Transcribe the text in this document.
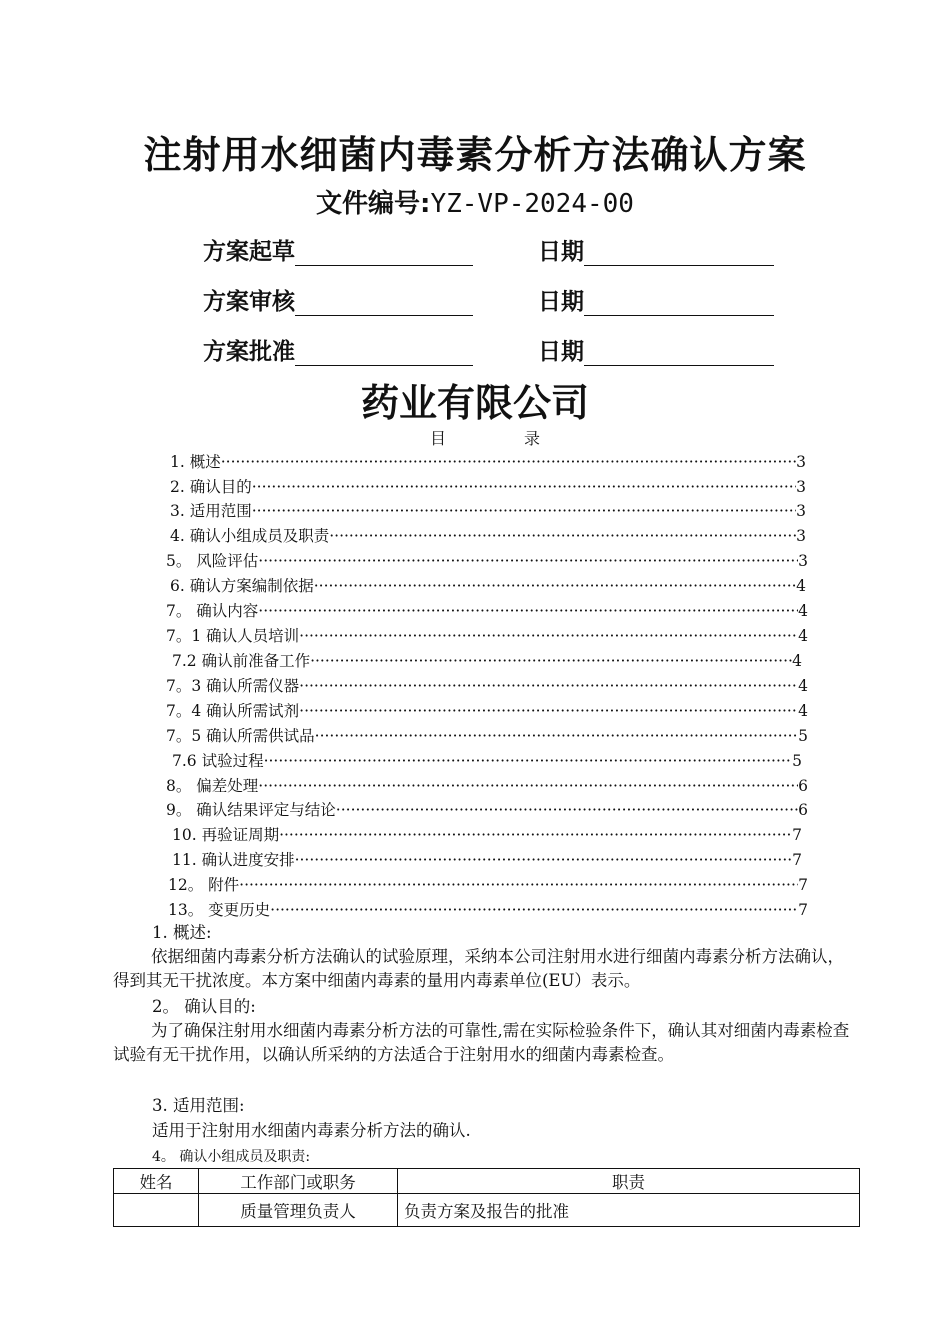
注射用水细菌内毒素分析方法确认方案
文件编号:YZ-VP-2024-00
方案起草	日期
方案审核	日期
方案批准	日期
药业有限公司
目	录
1. 概述 ·····	3
2. 确认目的 ·····	3
3. 适用范围 ·····	3
4. 确认小组成员及职责 ·····	3
5。 风险评估 ·····	3
6. 确认方案编制依据 ·····	4
7。 确认内容 ·····	4
7。1 确认人员培训 ·····	4
7.2 确认前准备工作 ·····	4
7。3 确认所需仪器 ·····	4
7。4 确认所需试剂 ·····	4
7。5 确认所需供试品 ·····	5
7.6 试验过程 ·····	5
8。 偏差处理 ·····	6
9。 确认结果评定与结论 ·····	6
10. 再验证周期 ·····	7
11. 确认进度安排 ·····	7
12。 附件 ·····	7
13。 变更历史 ·····	7
1. 概述:
依据细菌内毒素分析方法确认的试验原理，采纳本公司注射用水进行细菌内毒素分析方法确认，得到其无干扰浓度。本方案中细菌内毒素的量用内毒素单位(EU）表示。
2。 确认目的:
为了确保注射用水细菌内毒素分析方法的可靠性,需在实际检验条件下，确认其对细菌内毒素检查试验有无干扰作用，以确认所采纳的方法适合于注射用水的细菌内毒素检查。
3. 适用范围:
适用于注射用水细菌内毒素分析方法的确认.
4。 确认小组成员及职责:
姓名	工作部门或职务	职责
	质量管理负责人	负责方案及报告的批准
